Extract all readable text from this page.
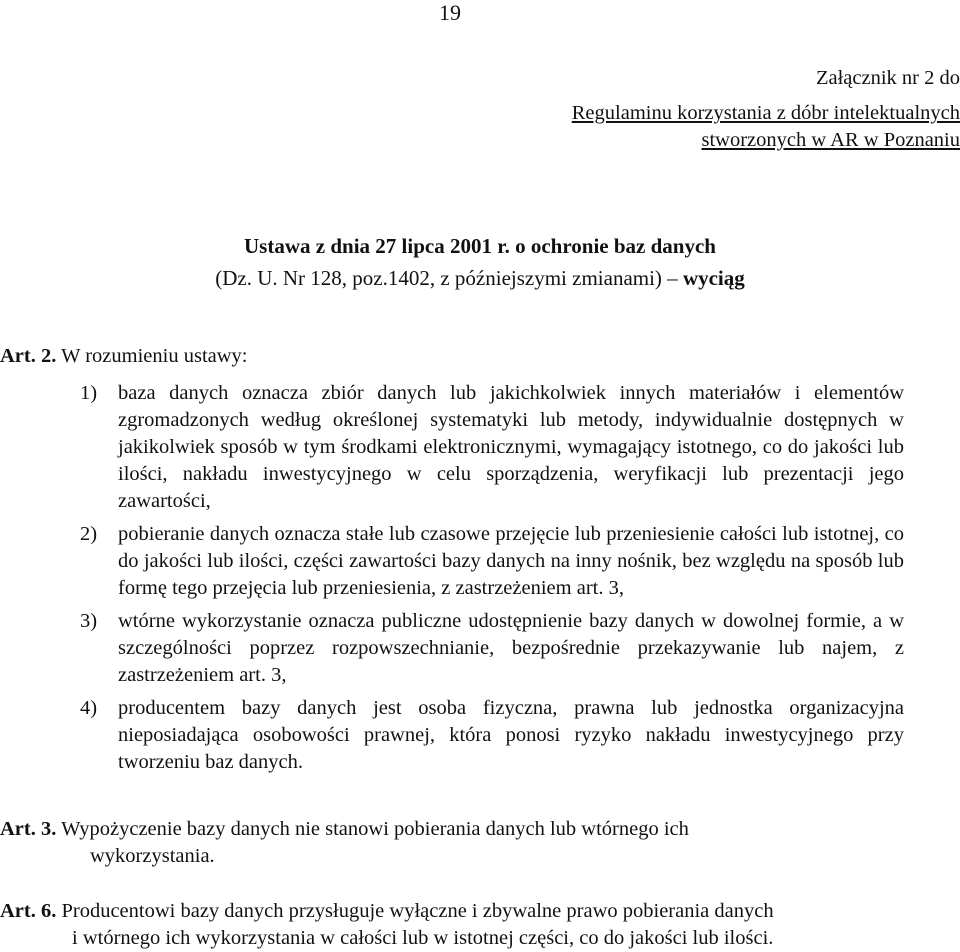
19
Załącznik nr 2 do
Regulaminu korzystania z dóbr intelektualnych
stworzonych w AR w Poznaniu
Ustawa z dnia 27 lipca 2001 r. o ochronie baz danych
(Dz. U. Nr 128, poz.1402, z późniejszymi zmianami) – wyciąg
Art. 2. W rozumieniu ustawy:
1) baza danych oznacza zbiór danych lub jakichkolwiek innych materiałów i elementów zgromadzonych według określonej systematyki lub metody, indywidualnie dostępnych w jakikolwiek sposób w tym środkami elektronicznymi, wymagający istotnego, co do jakości lub ilości, nakładu inwestycyjnego w celu sporządzenia, weryfikacji lub prezentacji jego zawartości,
2) pobieranie danych oznacza stałe lub czasowe przejęcie lub przeniesienie całości lub istotnej, co do jakości lub ilości, części zawartości bazy danych na inny nośnik, bez względu na sposób lub formę tego przejęcia lub przeniesienia, z zastrzeżeniem art. 3,
3) wtórne wykorzystanie oznacza publiczne udostępnienie bazy danych w dowolnej formie, a w szczególności poprzez rozpowszechnianie, bezpośrednie przekazywanie lub najem, z zastrzeżeniem art. 3,
4) producentem bazy danych jest osoba fizyczna, prawna lub jednostka organizacyjna nieposiadająca osobowości prawnej, która ponosi ryzyko nakładu inwestycyjnego przy tworzeniu baz danych.
Art. 3. Wypożyczenie bazy danych nie stanowi pobierania danych lub wtórnego ich
wykorzystania.
Art. 6. Producentowi bazy danych przysługuje wyłączne i zbywalne prawo pobierania danych
i wtórnego ich wykorzystania w całości lub w istotnej części, co do jakości lub ilości.
